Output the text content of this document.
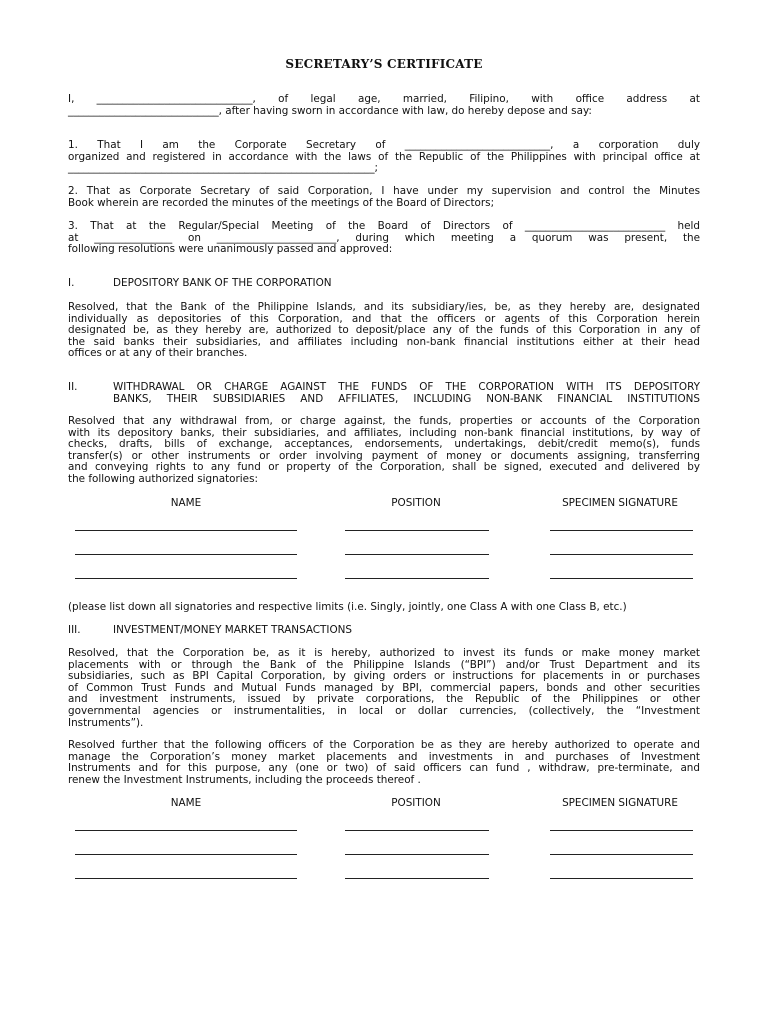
SECRETARY’S CERTIFICATE
I, ______________________________, of legal age, married, Filipino, with office address at
_____________________________, after having sworn in accordance with law, do hereby depose and say:
1. That I am the Corporate Secretary of ____________________________, a corporation duly
organized and registered in accordance with the laws of the Republic of the Philippines with principal office at
___________________________________________________________;
2. That as Corporate Secretary of said Corporation, I have under my supervision and control the Minutes
Book wherein are recorded the minutes of the meetings of the Board of Directors;
3. That at the Regular/Special Meeting of the Board of Directors of ___________________________ held
at _______________ on _______________________, during which meeting a quorum was present, the
following resolutions were unanimously passed and approved:
I.	DEPOSITORY BANK OF THE CORPORATION
Resolved, that the Bank of the Philippine Islands, and its subsidiary/ies, be, as they hereby are, designated
individually as depositories of this Corporation, and that the officers or agents of this Corporation herein
designated be, as they hereby are, authorized to deposit/place any of the funds of this Corporation in any of
the said banks their subsidiaries, and affiliates including non-bank financial institutions either at their head
offices or at any of their branches.
II.	WITHDRAWAL OR CHARGE AGAINST THE FUNDS OF THE CORPORATION WITH ITS DEPOSITORY
BANKS, THEIR SUBSIDIARIES AND AFFILIATES, INCLUDING NON-BANK FINANCIAL INSTITUTIONS
Resolved that any withdrawal from, or charge against, the funds, properties or accounts of the Corporation
with its depository banks, their subsidiaries, and affiliates, including non-bank financial institutions, by way of
checks, drafts, bills of exchange, acceptances, endorsements, undertakings, debit/credit memo(s), funds
transfer(s) or other instruments or order involving payment of money or documents assigning, transferring
and conveying rights to any fund or property of the Corporation, shall be signed, executed and delivered by
the following authorized signatories:
NAME	POSITION	SPECIMEN SIGNATURE
(please list down all signatories and respective limits (i.e. Singly, jointly, one Class A with one Class B, etc.)
III.	INVESTMENT/MONEY MARKET TRANSACTIONS
Resolved, that the Corporation be, as it is hereby, authorized to invest its funds or make money market
placements with or through the Bank of the Philippine Islands (“BPI”) and/or Trust Department and its
subsidiaries, such as BPI Capital Corporation, by giving orders or instructions for placements in or purchases
of Common Trust Funds and Mutual Funds managed by BPI, commercial papers, bonds and other securities
and investment instruments, issued by private corporations, the Republic of the Philippines or other
governmental agencies or instrumentalities, in local or dollar currencies, (collectively, the “Investment
Instruments”).
Resolved further that the following officers of the Corporation be as they are hereby authorized to operate and
manage the Corporation’s money market placements and investments in and purchases of Investment
Instruments and for this purpose, any (one or two) of said officers can fund , withdraw, pre-terminate, and
renew the Investment Instruments, including the proceeds thereof .
NAME	POSITION	SPECIMEN SIGNATURE
